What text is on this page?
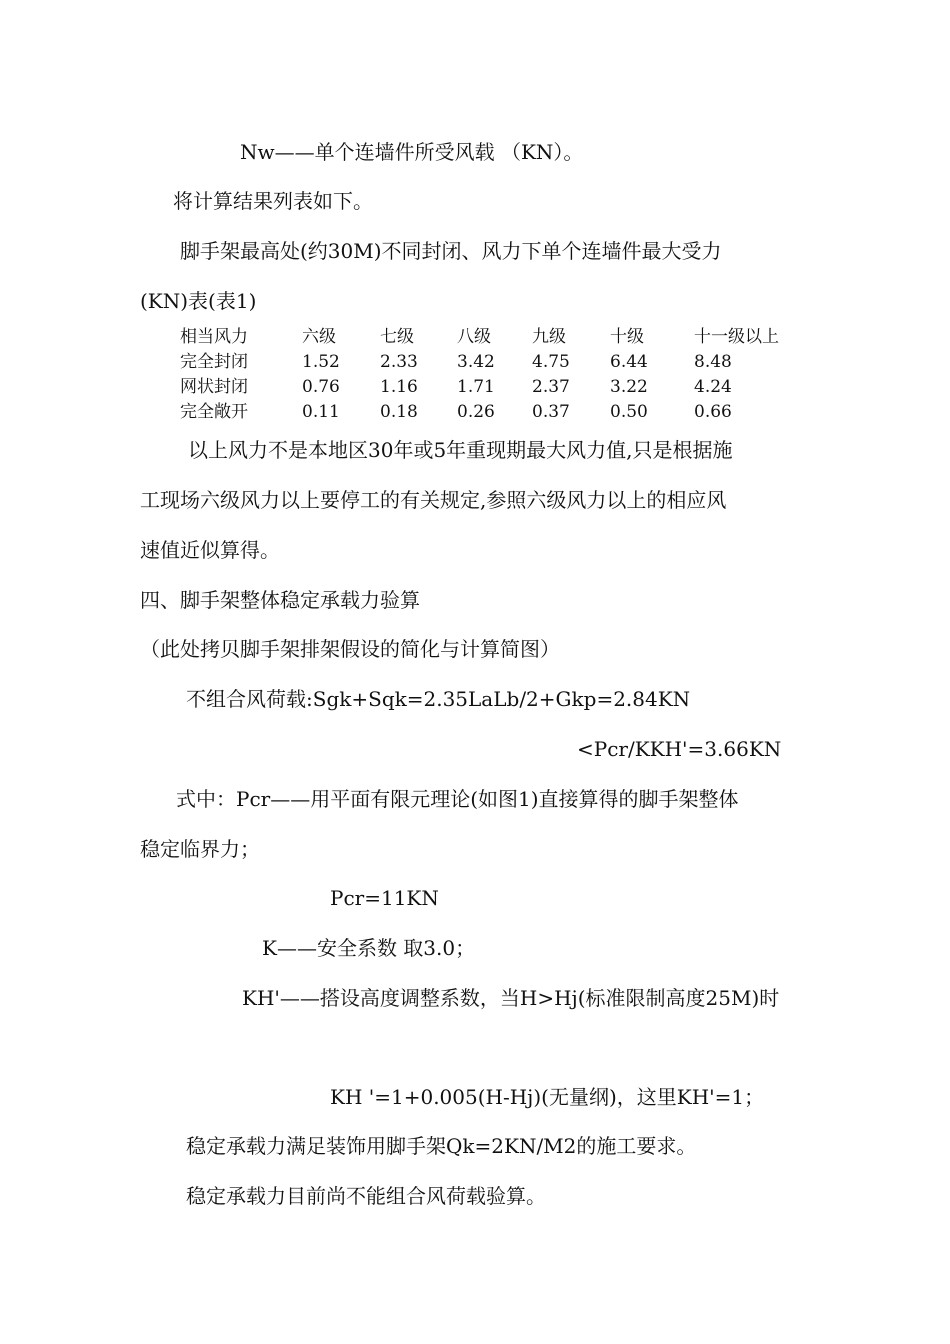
Nw——单个连墙件所受风载 （KN）。
将计算结果列表如下。
脚手架最高处(约30M)不同封闭、风力下单个连墙件最大受力
(KN)表(表1)
相当风力	六级	七级	八级	九级	十级	十一级以上
完全封闭	1.52	2.33	3.42	4.75	6.44	8.48
网状封闭	0.76	1.16	1.71	2.37	3.22	4.24
完全敞开	0.11	0.18	0.26	0.37	0.50	0.66
以上风力不是本地区30年或5年重现期最大风力值,只是根据施
工现场六级风力以上要停工的有关规定,参照六级风力以上的相应风
速值近似算得。
四、脚手架整体稳定承载力验算
（此处拷贝脚手架排架假设的简化与计算简图）
不组合风荷载:Sgk+Sqk=2.35LaLb/2+Gkp=2.84KN
<Pcr/KKH'=3.66KN
式中：Pcr——用平面有限元理论(如图1)直接算得的脚手架整体
稳定临界力；
Pcr=11KN
K——安全系数 取3.0；
KH'——搭设高度调整系数，当H>Hj(标准限制高度25M)时
KH '=1+0.005(H-Hj)(无量纲)，这里KH'=1；
稳定承载力满足装饰用脚手架Qk=2KN/M2的施工要求。
稳定承载力目前尚不能组合风荷载验算。
